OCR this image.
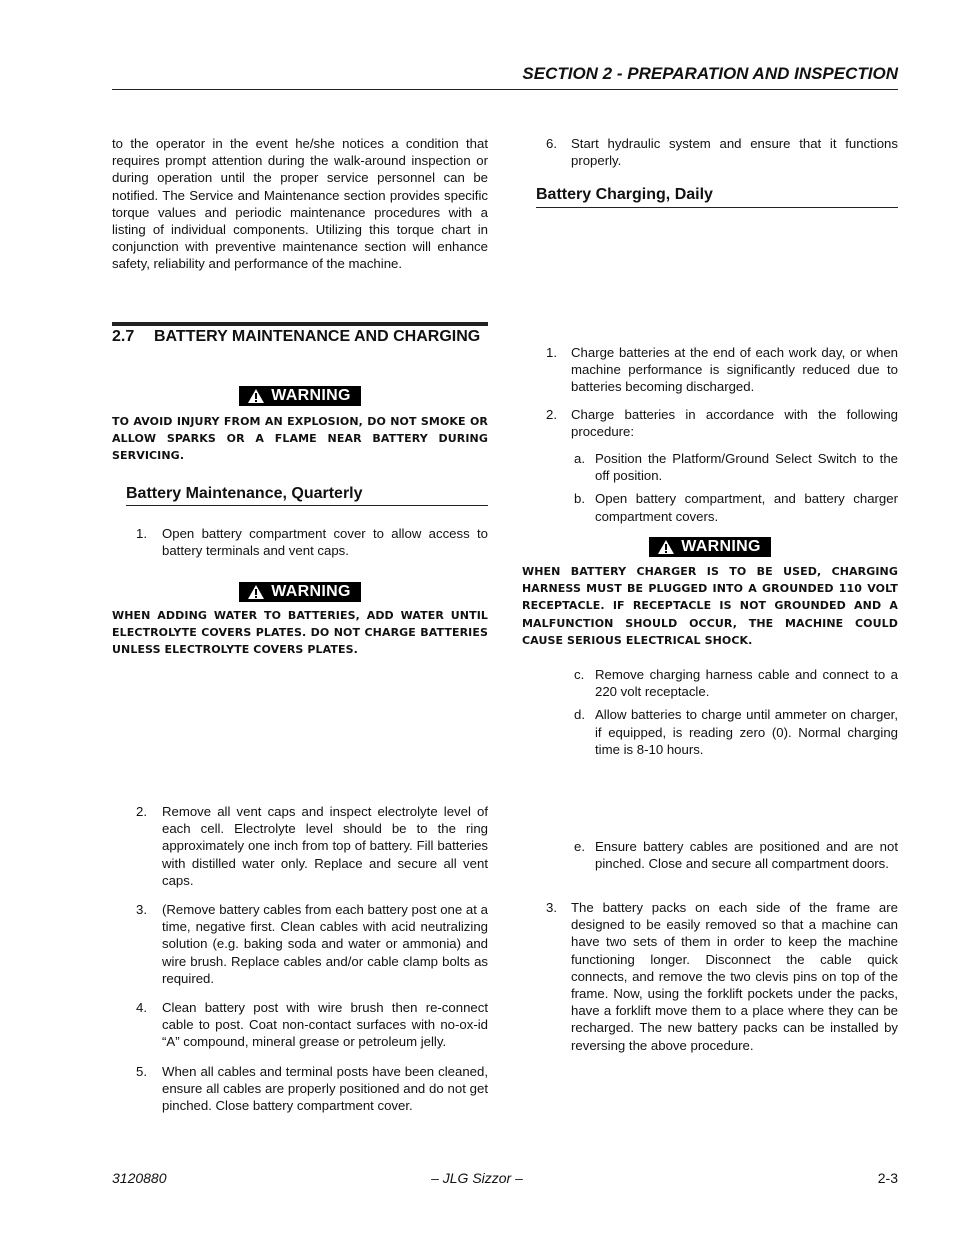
SECTION 2 - PREPARATION AND INSPECTION
to the operator in the event he/she notices a condition that requires prompt attention during the walk-around inspection or during operation until the proper service personnel can be notified. The Service and Maintenance section provides specific torque values and periodic maintenance procedures with a listing of individual components. Utilizing this torque chart in conjunction with preventive maintenance section will enhance safety, reliability and performance of the machine.
2.7 BATTERY MAINTENANCE AND CHARGING
WARNING
TO AVOID INJURY FROM AN EXPLOSION, DO NOT SMOKE OR ALLOW SPARKS OR A FLAME NEAR BATTERY DURING SERVICING.
Battery Maintenance, Quarterly
1. Open battery compartment cover to allow access to battery terminals and vent caps.
WARNING
WHEN ADDING WATER TO BATTERIES, ADD WATER UNTIL ELECTROLYTE COVERS PLATES. DO NOT CHARGE BATTERIES UNLESS ELECTROLYTE COVERS PLATES.
2. Remove all vent caps and inspect electrolyte level of each cell. Electrolyte level should be to the ring approximately one inch from top of battery. Fill batteries with distilled water only. Replace and secure all vent caps.
3. (Remove battery cables from each battery post one at a time, negative first. Clean cables with acid neutralizing solution (e.g. baking soda and water or ammonia) and wire brush. Replace cables and/or cable clamp bolts as required.
4. Clean battery post with wire brush then re-connect cable to post. Coat non-contact surfaces with no-ox-id “A” compound, mineral grease or petroleum jelly.
5. When all cables and terminal posts have been cleaned, ensure all cables are properly positioned and do not get pinched. Close battery compartment cover.
6. Start hydraulic system and ensure that it functions properly.
Battery Charging, Daily
1. Charge batteries at the end of each work day, or when machine performance is significantly reduced due to batteries becoming discharged.
2. Charge batteries in accordance with the following procedure:
a. Position the Platform/Ground Select Switch to the off position.
b. Open battery compartment, and battery charger compartment covers.
WARNING
WHEN BATTERY CHARGER IS TO BE USED, CHARGING HARNESS MUST BE PLUGGED INTO A GROUNDED 110 VOLT RECEPTACLE. IF RECEPTACLE IS NOT GROUNDED AND A MALFUNCTION SHOULD OCCUR, THE MACHINE COULD CAUSE SERIOUS ELECTRICAL SHOCK.
c. Remove charging harness cable and connect to a 220 volt receptacle.
d. Allow batteries to charge until ammeter on charger, if equipped, is reading zero (0). Normal charging time is 8-10 hours.
e. Ensure battery cables are positioned and are not pinched. Close and secure all compartment doors.
3. The battery packs on each side of the frame are designed to be easily removed so that a machine can have two sets of them in order to keep the machine functioning longer. Disconnect the cable quick connects, and remove the two clevis pins on top of the frame. Now, using the forklift pockets under the packs, have a forklift move them to a place where they can be recharged. The new battery packs can be installed by reversing the above procedure.
3120880	– JLG Sizzor –	2-3
